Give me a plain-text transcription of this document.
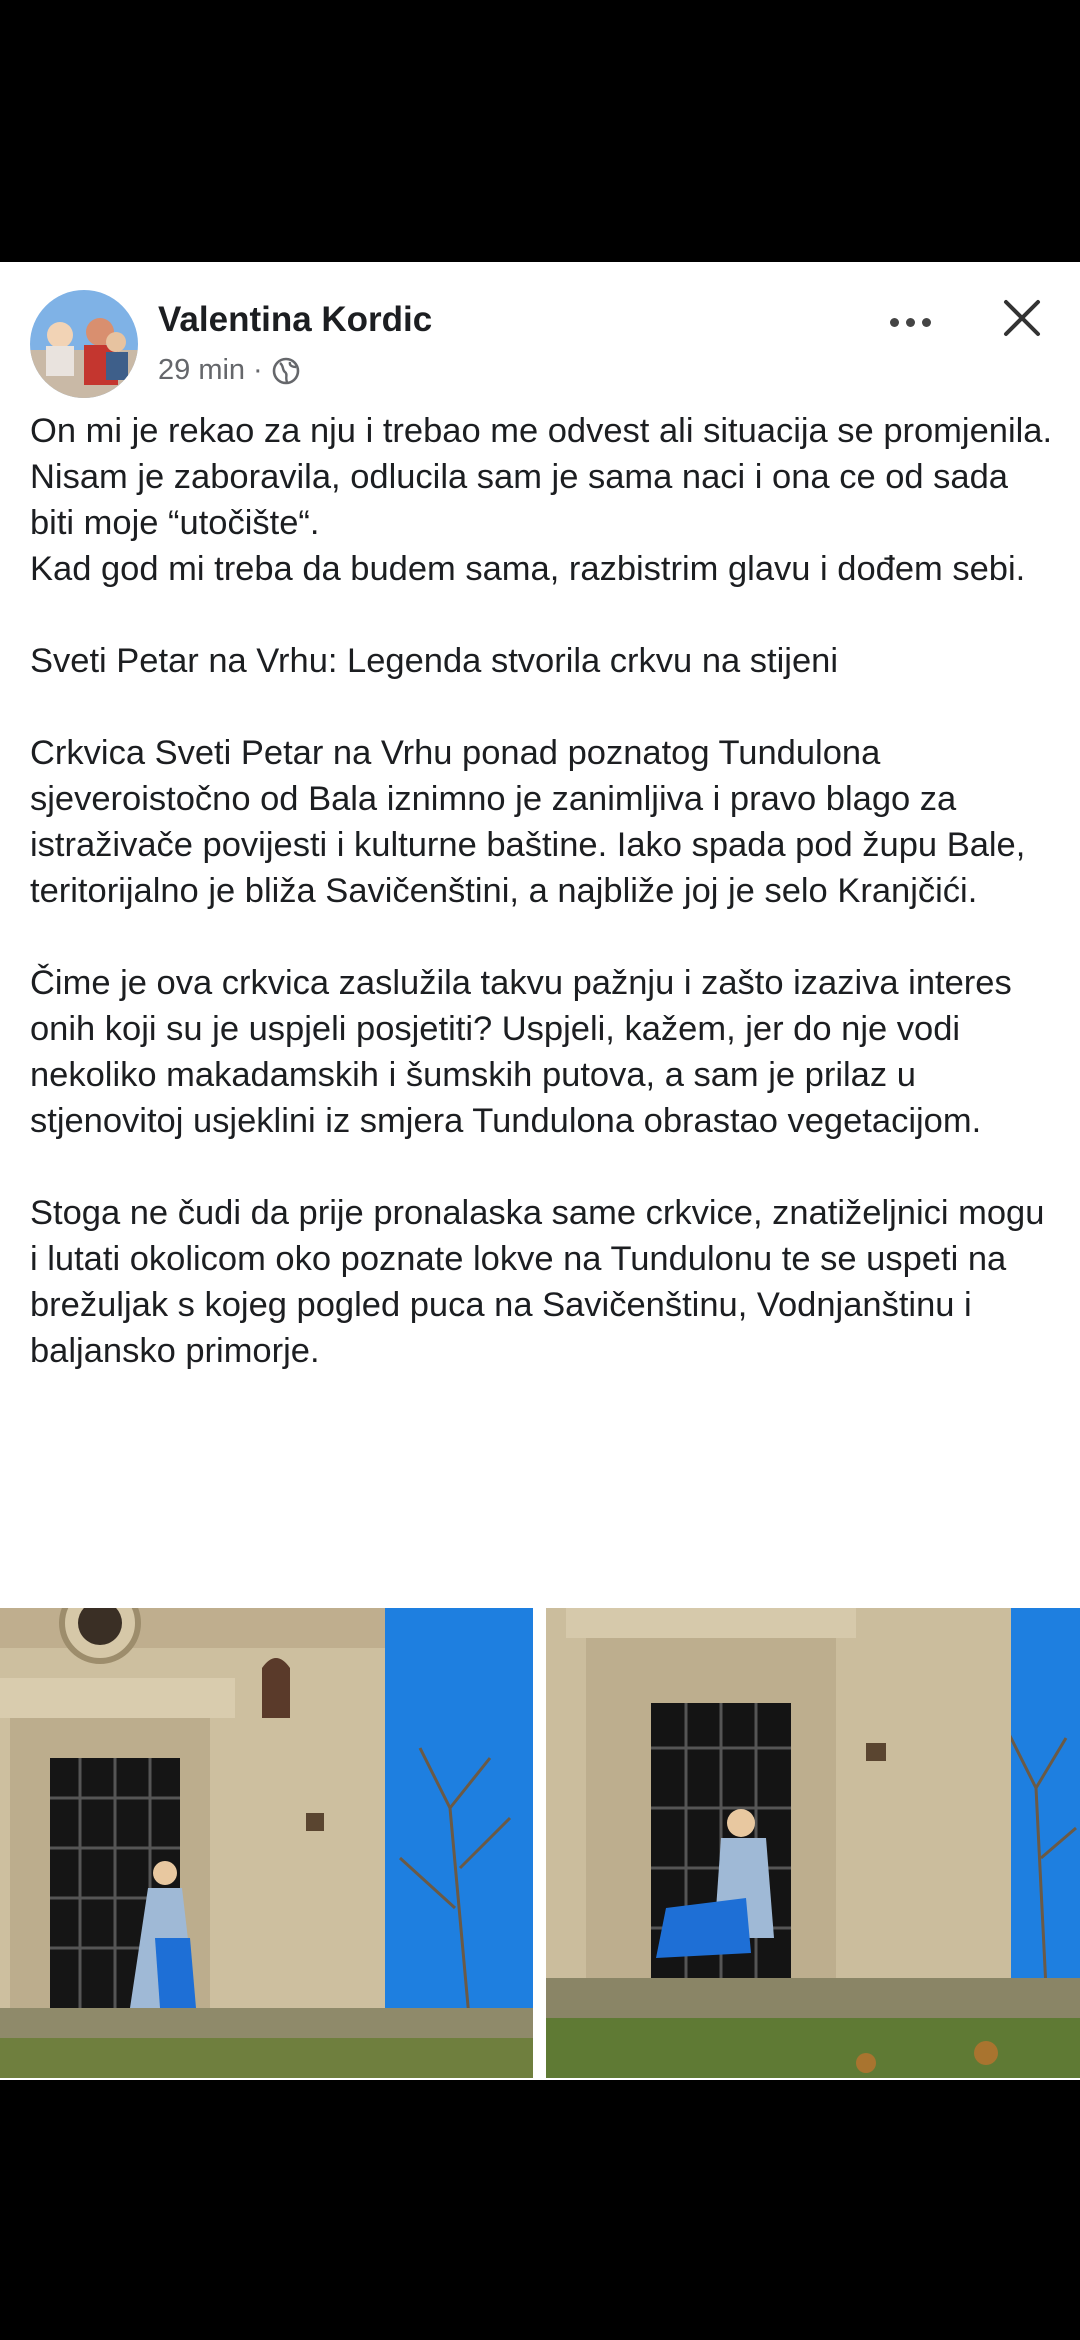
Valentina Kordic
29 min ·

On mi je rekao za nju i trebao me odvest ali situacija se promjenila.

Nisam je zaboravila, odlucila sam je sama naci i ona ce od sada biti moje “utočište“.

Kad god mi treba da budem sama, razbistrim glavu i dođem sebi.

Sveti Petar na Vrhu: Legenda stvorila crkvu na stijeni

Crkvica Sveti Petar na Vrhu ponad poznatog Tundulona sjeveroistočno od Bala iznimno je zanimljiva i pravo blago za istraživače povijesti i kulturne baštine. Iako spada pod župu Bale, teritorijalno je bliža Savičenštini, a najbliže joj je selo Kranjčići.

Čime je ova crkvica zaslužila takvu pažnju i zašto izaziva interes onih koji su je uspjeli posjetiti? Uspjeli, kažem, jer do nje vodi nekoliko makadamskih i šumskih putova, a sam je prilaz u stjenovitoj usjeklini iz smjera Tundulona obrastao vegetacijom.

Stoga ne čudi da prije pronalaska same crkvice, znatiželjnici mogu i lutati okolicom oko poznate lokve na Tundulonu te se uspeti na brežuljak s kojeg pogled puca na Savičenštinu, Vodnjanštinu i baljansko primorje.
